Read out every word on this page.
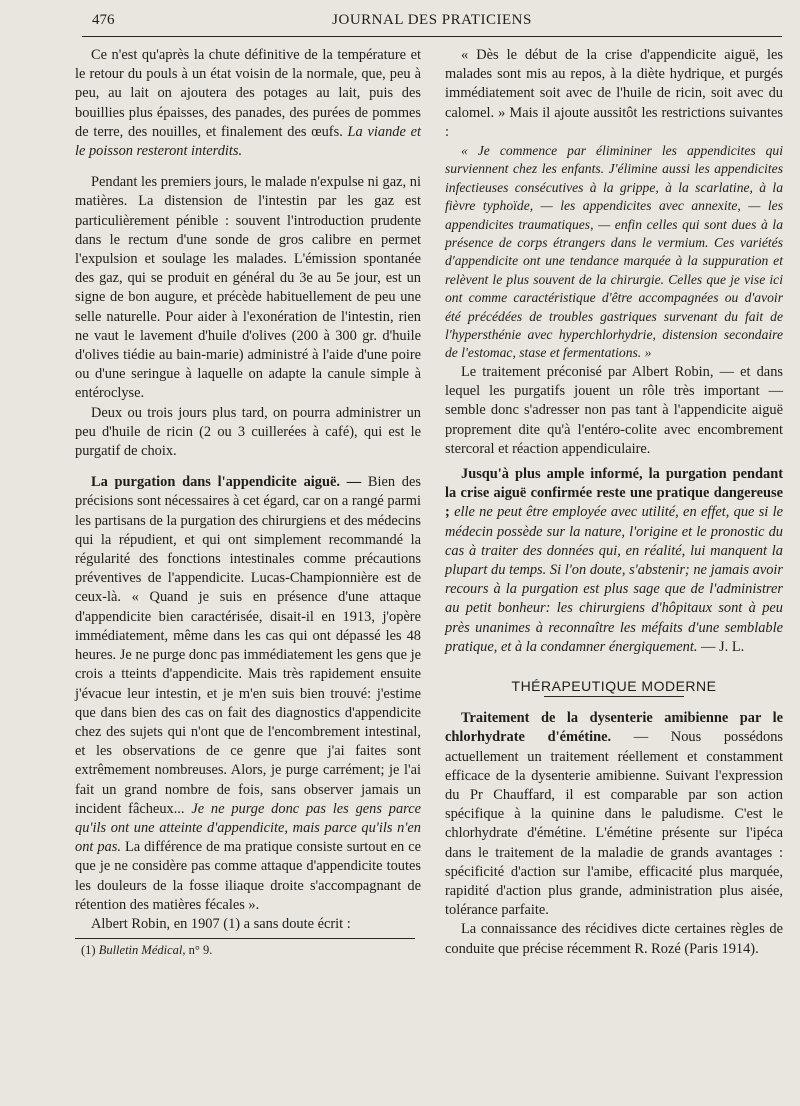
476	JOURNAL DES PRATICIENS

Ce n'est qu'après la chute définitive de la température et le retour du pouls à un état voisin de la normale, que, peu à peu, au lait on ajoutera des potages au lait, puis des bouillies plus épaisses, des panades, des purées de pommes de terre, des nouilles, et finalement des œufs. La viande et le poisson resteront interdits.

Pendant les premiers jours, le malade n'expulse ni gaz, ni matières. La distension de l'intestin par les gaz est particulièrement pénible : souvent l'introduction prudente dans le rectum d'une sonde de gros calibre en permet l'expulsion et soulage les malades. L'émission spontanée des gaz, qui se produit en général du 3e au 5e jour, est un signe de bon augure, et précède habituellement de peu une selle naturelle. Pour aider à l'exonération de l'intestin, rien ne vaut le lavement d'huile d'olives (200 à 300 gr. d'huile d'olives tiédie au bain-marie) administré à l'aide d'une poire ou d'une seringue à laquelle on adapte la canule simple à entéroclyse.

Deux ou trois jours plus tard, on pourra administrer un peu d'huile de ricin (2 ou 3 cuillerées à café), qui est le purgatif de choix.

La purgation dans l'appendicite aiguë. — Bien des précisions sont nécessaires à cet égard, car on a rangé parmi les partisans de la purgation des chirurgiens et des médecins qui la répudient, et qui ont simplement recommandé la régularité des fonctions intestinales comme précautions préventives de l'appendicite. Lucas-Championnière est de ceux-là. « Quand je suis en présence d'une attaque d'appendicite bien caractérisée, disait-il en 1913, j'opère immédiatement, même dans les cas qui ont dépassé les 48 heures. Je ne purge donc pas immédiatement les gens que je crois a tteints d'appendicite. Mais très rapidement ensuite j'évacue leur intestin, et je m'en suis bien trouvé: j'estime que dans bien des cas on fait des diagnostics d'appendicite chez des sujets qui n'ont que de l'encombrement intestinal, et les observations de ce genre que j'ai faites sont extrêmement nombreuses. Alors, je purge carrément; je l'ai fait un grand nombre de fois, sans observer jamais un incident fâcheux... Je ne purge donc pas les gens parce qu'ils ont une atteinte d'appendicite, mais parce qu'ils n'en ont pas. La différence de ma pratique consiste surtout en ce que je ne considère pas comme attaque d'appendicite toutes les douleurs de la fosse iliaque droite s'accompagnant de rétention des matières fécales ».

Albert Robin, en 1907 (1) a sans doute écrit :

(1) Bulletin Médical, n° 9.

« Dès le début de la crise d'appendicite aiguë, les malades sont mis au repos, à la diète hydrique, et purgés immédiatement soit avec de l'huile de ricin, soit avec du calomel. » Mais il ajoute aussitôt les restrictions suivantes :

« Je commence par élimininer les appendicites qui surviennent chez les enfants. J'élimine aussi les appendicites infectieuses consécutives à la grippe, à la scarlatine, à la fièvre typhoïde, — les appendicites avec annexite, — les appendicites traumatiques, — enfin celles qui sont dues à la présence de corps étrangers dans le vermium. Ces variétés d'appendicite ont une tendance marquée à la suppuration et relèvent le plus souvent de la chirurgie. Celles que je vise ici ont comme caractéristique d'être accompagnées ou d'avoir été précédées de troubles gastriques survenant du fait de l'hypersthénie avec hyperchlorhydrie, distension secondaire de l'estomac, stase et fermentations. »

Le traitement préconisé par Albert Robin, — et dans lequel les purgatifs jouent un rôle très important — semble donc s'adresser non pas tant à l'appendicite aiguë proprement dite qu'à l'entéro-colite avec encombrement stercoral et réaction appendiculaire.

Jusqu'à plus ample informé, la purgation pendant la crise aiguë confirmée reste une pratique dangereuse ; elle ne peut être employée avec utilité, en effet, que si le médecin possède sur la nature, l'origine et le pronostic du cas à traiter des données qui, en réalité, lui manquent la plupart du temps. Si l'on doute, s'abstenir; ne jamais avoir recours à la purgation est plus sage que de l'administrer au petit bonheur: les chirurgiens d'hôpitaux sont à peu près unanimes à reconnaître les méfaits d'une semblable pratique, et à la condamner énergiquement. — J. L.

THÉRAPEUTIQUE MODERNE

Traitement de la dysenterie amibienne par le chlorhydrate d'émétine. — Nous possédons actuellement un traitement réellement et constamment efficace de la dysenterie amibienne. Suivant l'expression du Pr Chauffard, il est comparable par son action spécifique à la quinine dans le paludisme. C'est le chlorhydrate d'émétine. L'émétine présente sur l'ipéca dans le traitement de la maladie de grands avantages : spécificité d'action sur l'amibe, efficacité plus marquée, rapidité d'action plus grande, administration plus aisée, tolérance parfaite.

La connaissance des récidives dicte certaines règles de conduite que précise récemment R. Rozé (Paris 1914).
